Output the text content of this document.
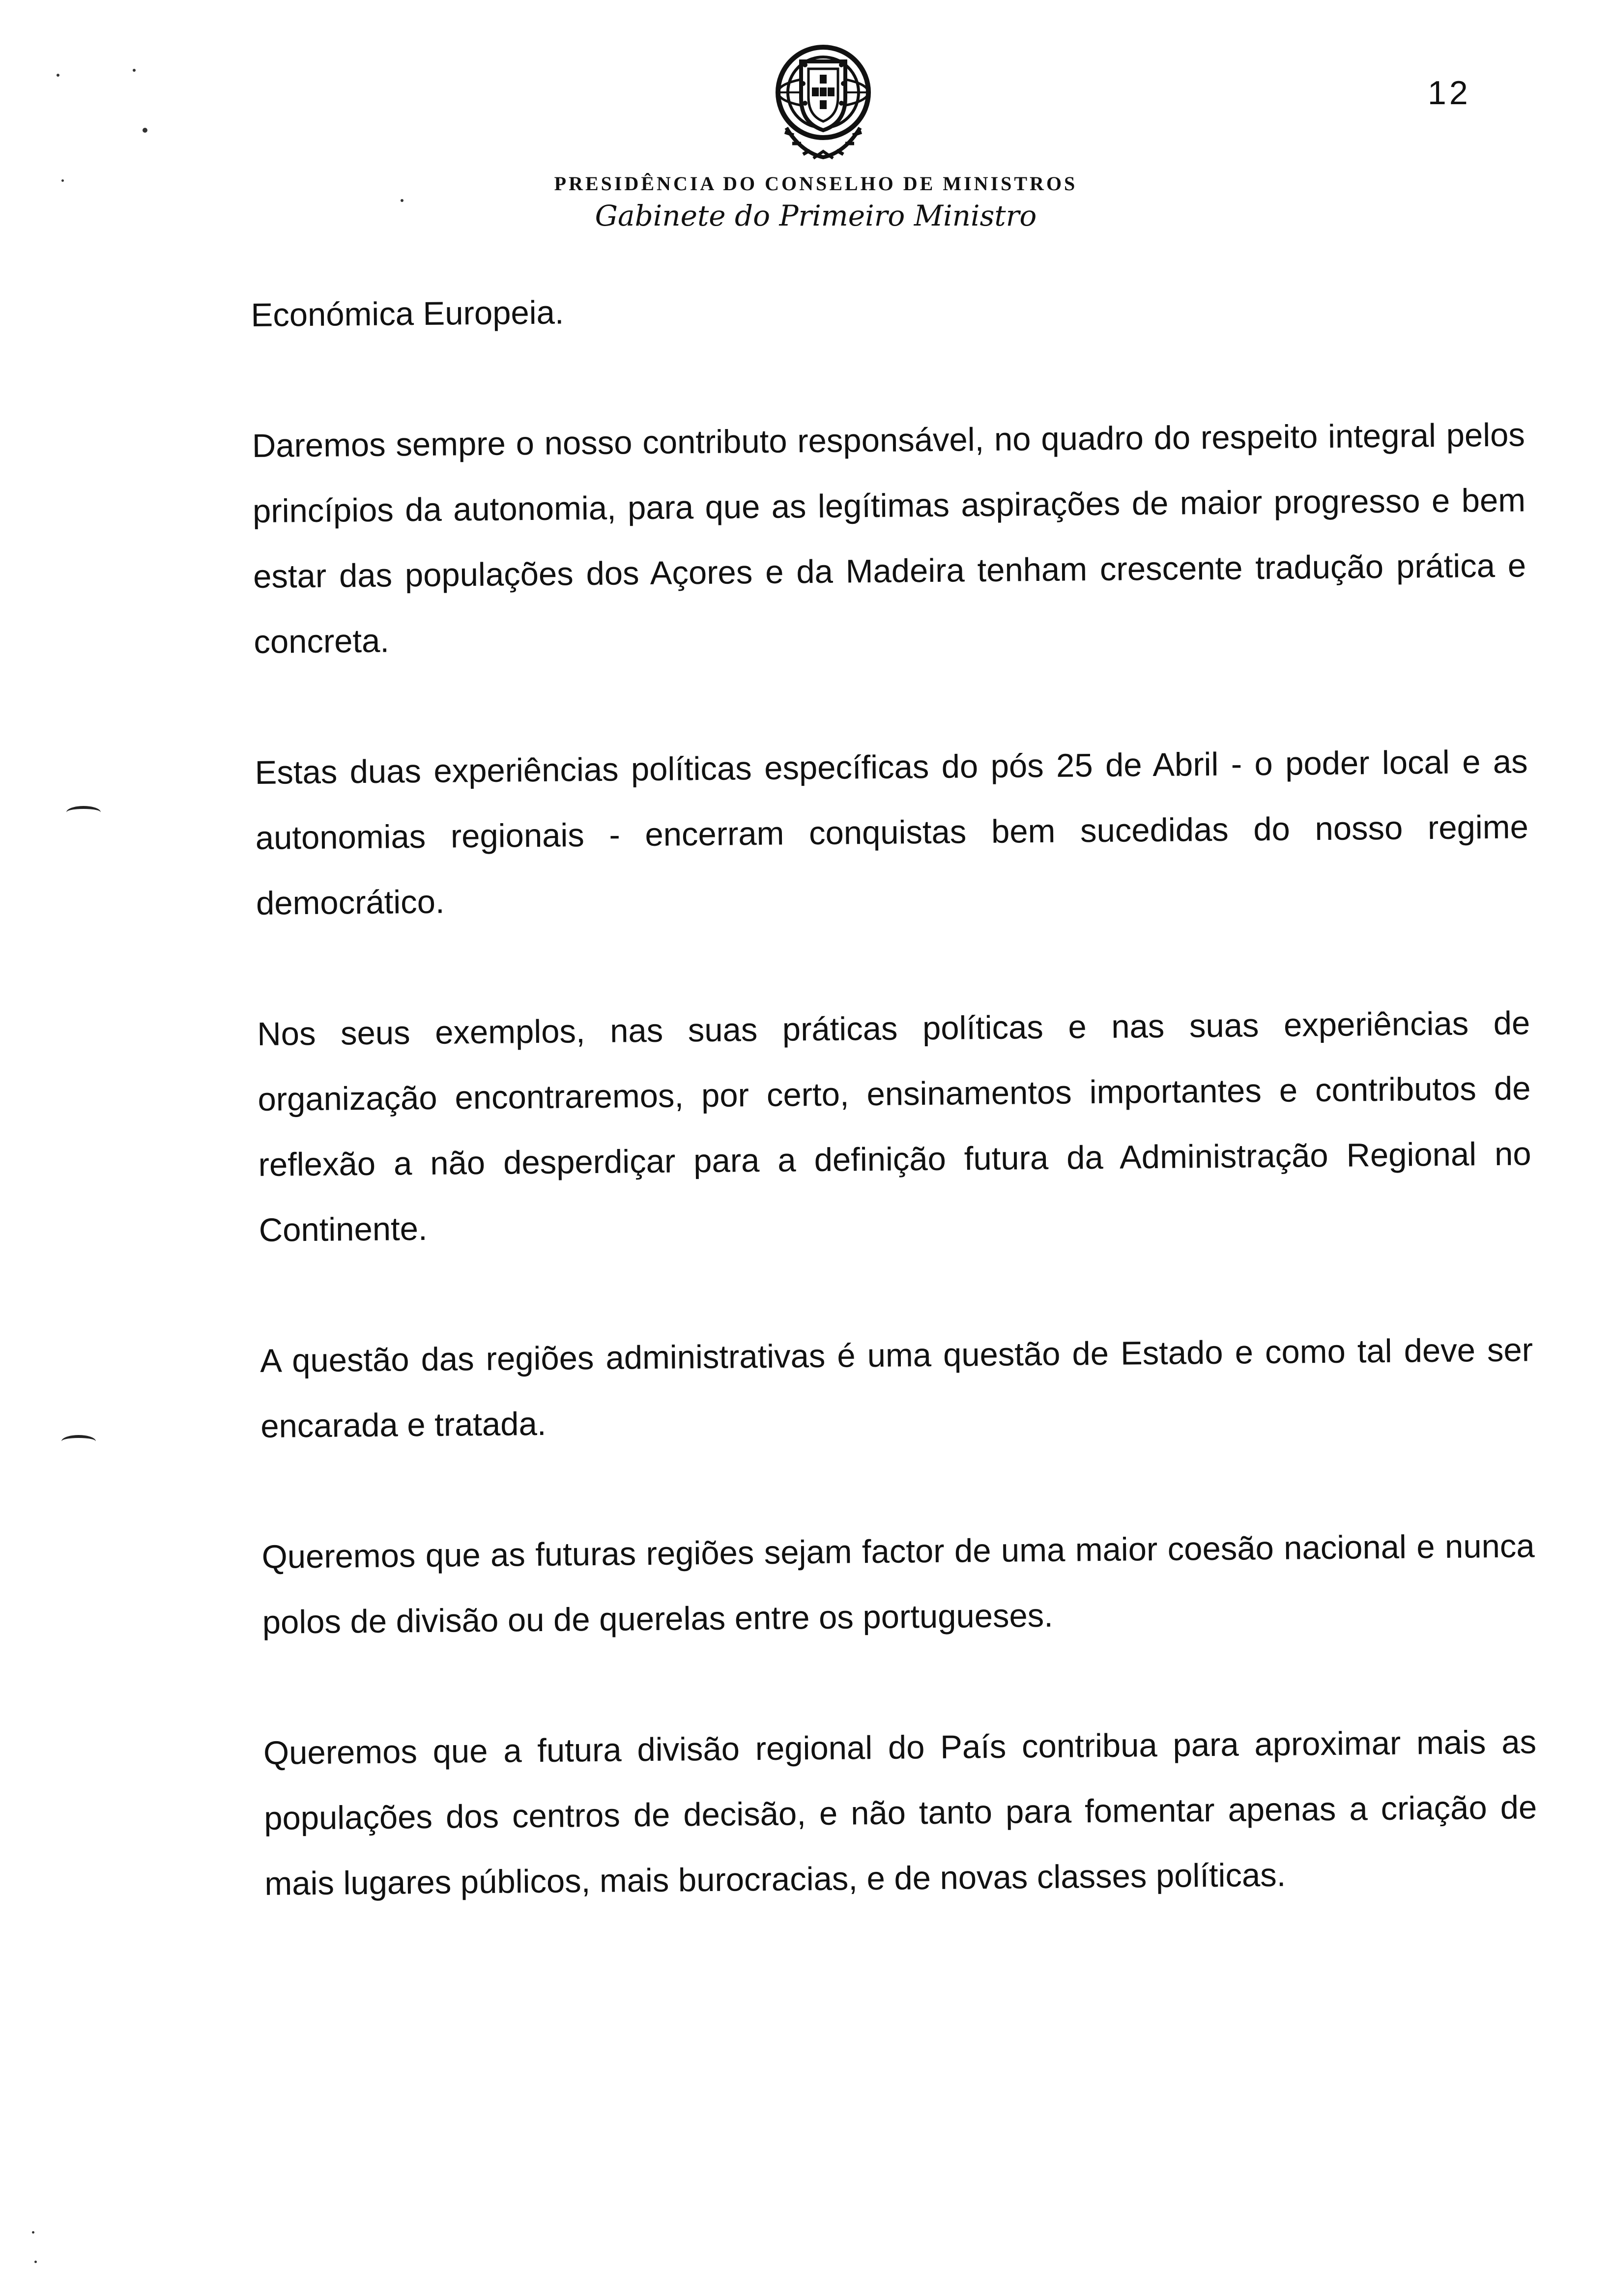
12
PRESIDÊNCIA DO CONSELHO DE MINISTROS
Gabinete do Primeiro Ministro

Económica Europeia.

Daremos sempre o nosso contributo responsável, no quadro do respeito integral pelos princípios da autonomia, para que as legítimas aspirações de maior progresso e bem estar das populações dos Açores e da Madeira tenham crescente tradução prática e concreta.

Estas duas experiências políticas específicas do pós 25 de Abril - o poder local e as autonomias regionais - encerram conquistas bem sucedidas do nosso regime democrático.

Nos seus exemplos, nas suas práticas políticas e nas suas experiências de organização encontraremos, por certo, ensinamentos importantes e contributos de reflexão a não desperdiçar para a definição futura da Administração Regional no Continente.

A questão das regiões administrativas é uma questão de Estado e como tal deve ser encarada e tratada.

Queremos que as futuras regiões sejam factor de uma maior coesão nacional e nunca polos de divisão ou de querelas entre os portugueses.

Queremos que a futura divisão regional do País contribua para aproximar mais as populações dos centros de decisão, e não tanto para fomentar apenas a criação de mais lugares públicos, mais burocracias, e de novas classes políticas.
